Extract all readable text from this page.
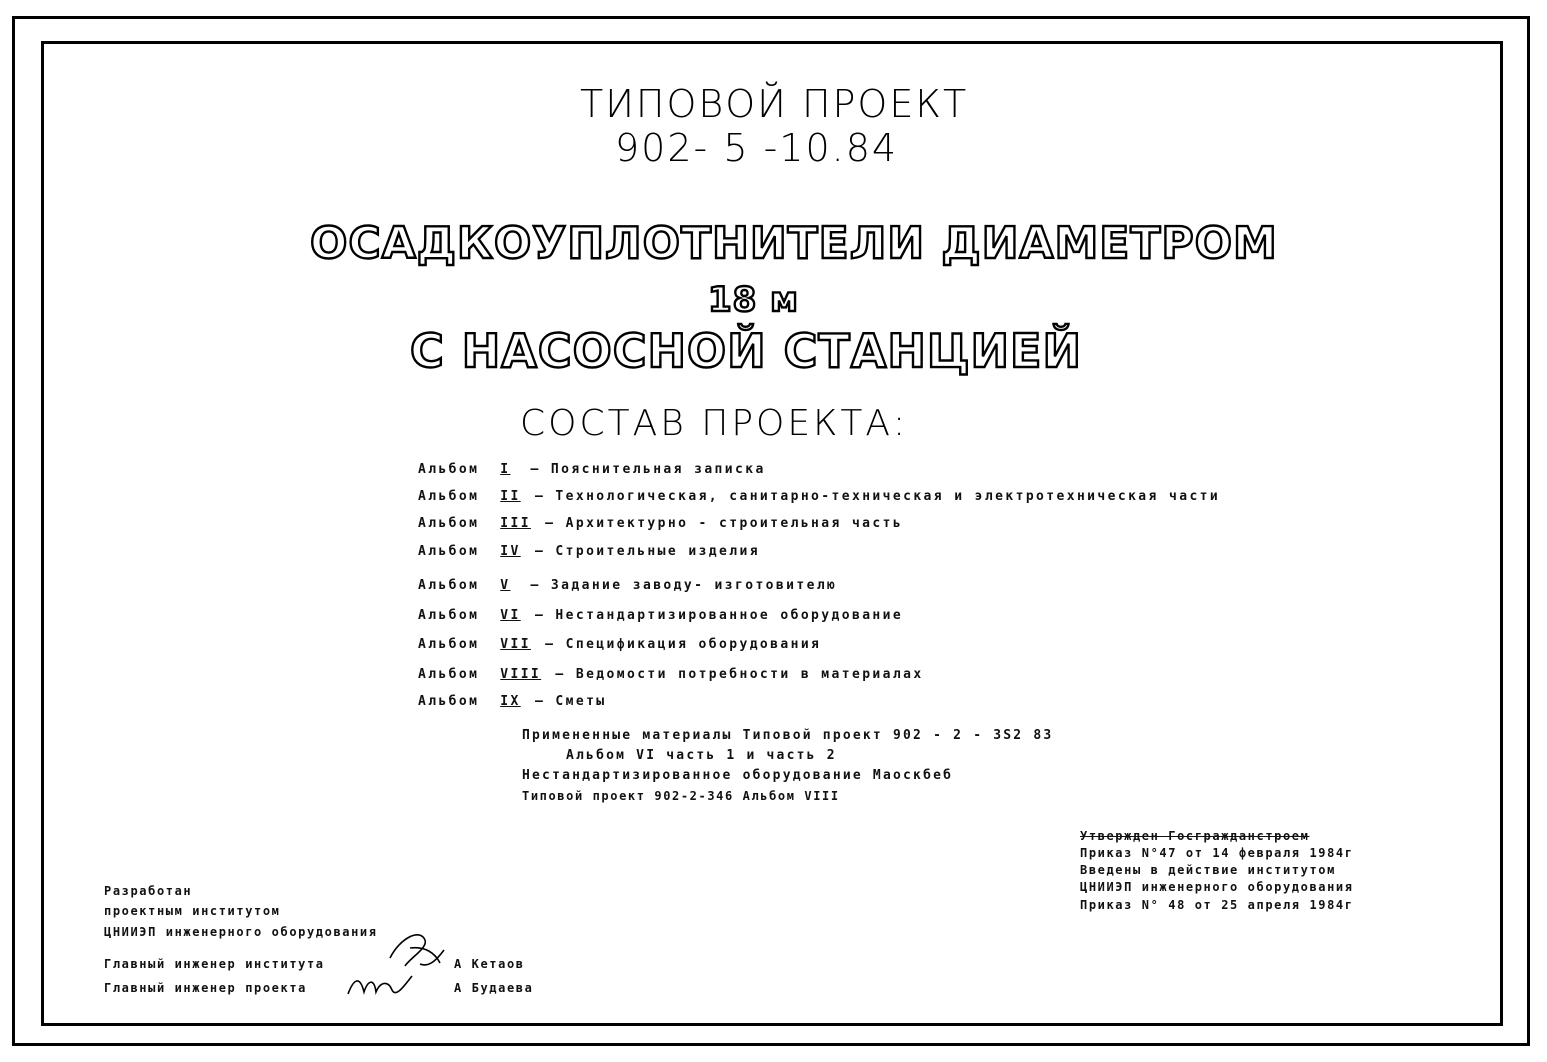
ТИПОВОЙ ПРОЕКТ
902- 5 -10.84
ОСАДКОУПЛОТНИТЕЛИ ДИАМЕТРОМ
18 м
С НАСОСНОЙ СТАНЦИЕЙ
СОСТАВ ПРОЕКТА:
Альбом I – Пояснительная записка
Альбом II – Технологическая, санитарно-техническая и электротехническая части
Альбом III – Архитектурно - строительная часть
Альбом IV – Строительные изделия
Альбом V – Задание заводу- изготовителю
Альбом VI – Нестандартизированное оборудование
Альбом VII – Спецификация оборудования
Альбом VIII – Ведомости потребности в материалах
Альбом IX – Сметы
Примененные материалы Типовой проект 902 - 2 - 3S2 83
Альбом VI часть 1 и часть 2
Нестандартизированное оборудование Маоскбеб
Типовой проект 902-2-346 Альбом VIII
Утвержден Госгражданстроем
Приказ N°47 от 14 февраля 1984г
Введены в действие институтом
ЦНИИЭП инженерного оборудования
Приказ N° 48 от 25 апреля 1984г
Разработан
проектным институтом
ЦНИИЭП инженерного оборудования
Главный инженер института	А Кетаов
Главный инженер проекта	А Будаева
